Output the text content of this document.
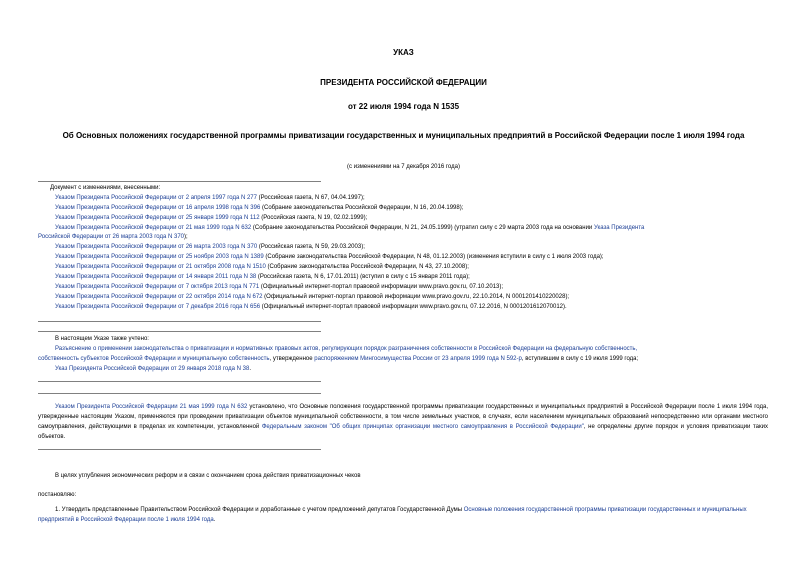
УКАЗ
ПРЕЗИДЕНТА РОССИЙСКОЙ ФЕДЕРАЦИИ
от 22 июля 1994 года N 1535
Об Основных положениях государственной программы приватизации государственных и муниципальных предприятий в Российской Федерации после 1 июля 1994 года
(с изменениями на 7 декабря 2016 года)
Документ с изменениями, внесенными:
Указом Президента Российской Федерации от 2 апреля 1997 года N 277 (Российская газета, N 67, 04.04.1997);
Указом Президента Российской Федерации от 16 апреля 1998 года N 396 (Собрание законодательства Российской Федерации, N 16, 20.04.1998);
Указом Президента Российской Федерации от 25 января 1999 года N 112 (Российская газета, N 19, 02.02.1999);
Указом Президента Российской Федерации от 21 мая 1999 года N 632 (Собрание законодательства Российской Федерации, N 21, 24.05.1999) (утратил силу с 29 марта 2003 года на основании Указа Президента
Российской Федерации от 26 марта 2003 года N 370);
Указом Президента Российской Федерации от 26 марта 2003 года N 370 (Российская газета, N 59, 29.03.2003);
Указом Президента Российской Федерации от 25 ноября 2003 года N 1389 (Собрание законодательства Российской Федерации, N 48, 01.12.2003) (изменения вступили в силу с 1 июля 2003 года);
Указом Президента Российской Федерации от 21 октября 2008 года N 1510 (Собрание законодательства Российской Федерации, N 43, 27.10.2008);
Указом Президента Российской Федерации от 14 января 2011 года N 38 (Российская газета, N 6, 17.01.2011) (вступил в силу с 15 января 2011 года);
Указом Президента Российской Федерации от 7 октября 2013 года N 771 (Официальный интернет-портал правовой информации www.pravo.gov.ru, 07.10.2013);
Указом Президента Российской Федерации от 22 октября 2014 года N 672 (Официальный интернет-портал правовой информации www.pravo.gov.ru, 22.10.2014, N 0001201410220028);
Указом Президента Российской Федерации от 7 декабря 2016 года N 656 (Официальный интернет-портал правовой информации www.pravo.gov.ru, 07.12.2016, N 0001201612070012).
В настоящем Указе также учтено:
Разъяснение о применении законодательства о приватизации и нормативных правовых актов, регулирующих порядок разграничения собственности в Российской Федерации на федеральную собственность,
собственность субъектов Российской Федерации и муниципальную собственность, утвержденное распоряжением Мингосимущества России от 23 апреля 1999 года N 592-р, вступившим в силу с 19 июля 1999 года;
Указ Президента Российской Федерации от 29 января 2018 года N 38.
Указом Президента Российской Федерации 21 мая 1999 года N 632 установлено, что Основные положения государственной программы приватизации государственных и муниципальных предприятий в Российской Федерации после 1 июля 1994 года, утвержденные настоящим Указом, применяются при проведении приватизации объектов муниципальной собственности, в том числе земельных участков, в случаях, если населением муниципальных образований непосредственно или органами местного самоуправления, действующими в пределах их компетенции, установленной Федеральным законом "Об общих принципах организации местного самоуправления в Российской Федерации", не определены другие порядок и условия приватизации таких объектов.
В целях углубления экономических реформ и в связи с окончанием срока действия приватизационных чеков
постановляю:
1. Утвердить представленные Правительством Российской Федерации и доработанные с учетом предложений депутатов Государственной Думы Основные положения государственной программы приватизации государственных и муниципальных предприятий в Российской Федерации после 1 июля 1994 года.
